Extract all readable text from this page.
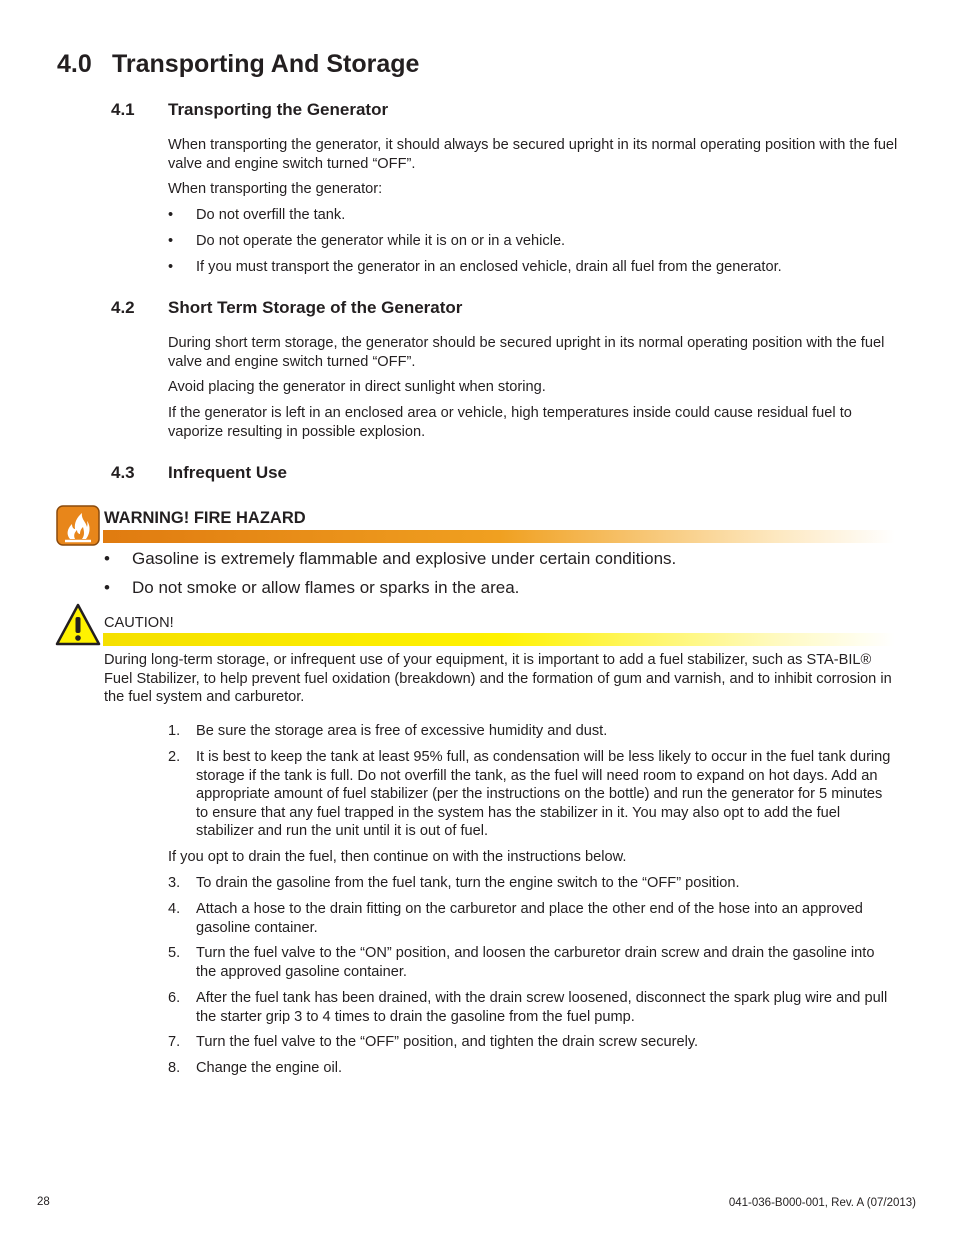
4.0 Transporting And Storage
4.1 Transporting the Generator
When transporting the generator, it should always be secured upright in its normal operating position with the fuel valve and engine switch turned “OFF”.
When transporting the generator:
• Do not overfill the tank.
• Do not operate the generator while it is on or in a vehicle.
• If you must transport the generator in an enclosed vehicle, drain all fuel from the generator.
4.2 Short Term Storage of the Generator
During short term storage, the generator should be secured upright in its normal operating position with the fuel valve and engine switch turned “OFF”.
Avoid placing the generator in direct sunlight when storing.
If the generator is left in an enclosed area or vehicle, high temperatures inside could cause residual fuel to vaporize resulting in possible explosion.
4.3 Infrequent Use
WARNING! FIRE HAZARD
• Gasoline is extremely flammable and explosive under certain conditions.
• Do not smoke or allow flames or sparks in the area.
CAUTION!
During long-term storage, or infrequent use of your equipment, it is important to add a fuel stabilizer, such as STA-BIL® Fuel Stabilizer, to help prevent fuel oxidation (breakdown) and the formation of gum and varnish, and to inhibit corrosion in the fuel system and carburetor.
1. Be sure the storage area is free of excessive humidity and dust.
2. It is best to keep the tank at least 95% full, as condensation will be less likely to occur in the fuel tank during storage if the tank is full. Do not overfill the tank, as the fuel will need room to expand on hot days. Add an appropriate amount of fuel stabilizer (per the instructions on the bottle) and run the generator for 5 minutes to ensure that any fuel trapped in the system has the stabilizer in it. You may also opt to add the fuel stabilizer and run the unit until it is out of fuel.
If you opt to drain the fuel, then continue on with the instructions below.
3. To drain the gasoline from the fuel tank, turn the engine switch to the “OFF” position.
4. Attach a hose to the drain fitting on the carburetor and place the other end of the hose into an approved gasoline container.
5. Turn the fuel valve to the “ON” position, and loosen the carburetor drain screw and drain the gasoline into the approved gasoline container.
6. After the fuel tank has been drained, with the drain screw loosened, disconnect the spark plug wire and pull the starter grip 3 to 4 times to drain the gasoline from the fuel pump.
7. Turn the fuel valve to the “OFF” position, and tighten the drain screw securely.
8. Change the engine oil.
28	041-036-B000-001, Rev. A (07/2013)
